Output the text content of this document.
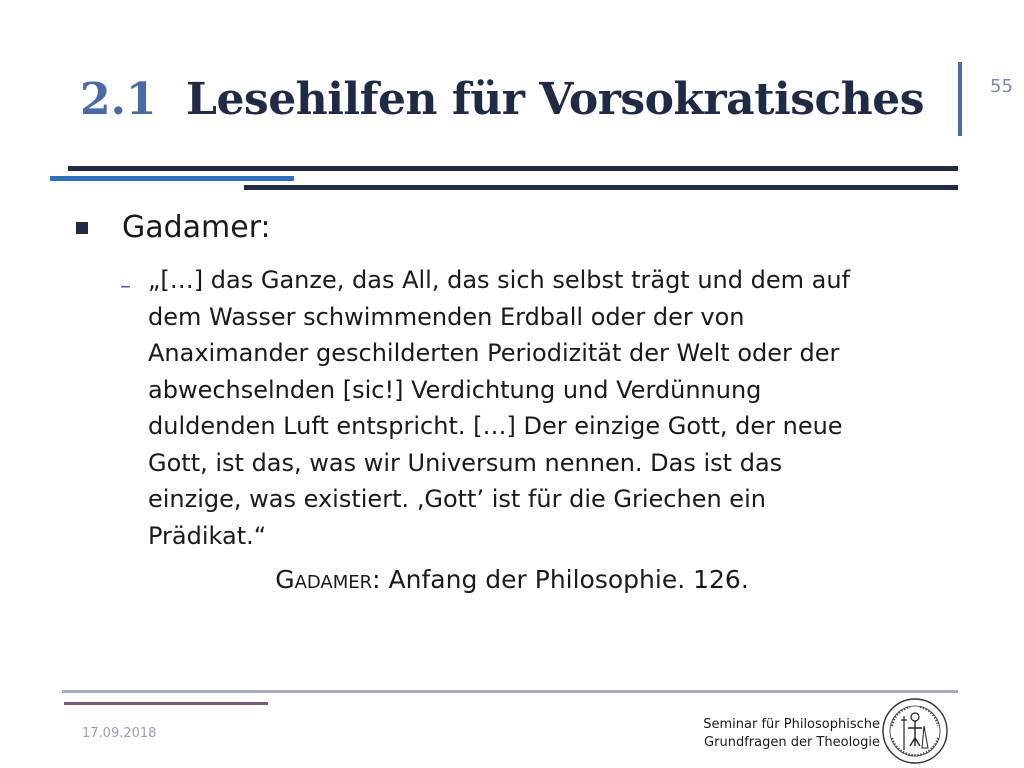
2.1 Lesehilfen für Vorsokratisches	55
Gadamer:
– „[…] das Ganze, das All, das sich selbst trägt und dem auf
dem Wasser schwimmenden Erdball oder der von
Anaximander geschilderten Periodizität der Welt oder der
abwechselnden [sic!] Verdichtung und Verdünnung
duldenden Luft entspricht. […] Der einzige Gott, der neue
Gott, ist das, was wir Universum nennen. Das ist das
einzige, was existiert. ‚Gott’ ist für die Griechen ein
Prädikat.“

Gadamer: Anfang der Philosophie. 126.
17.09.2018
Seminar für Philosophische
Grundfragen der Theologie
